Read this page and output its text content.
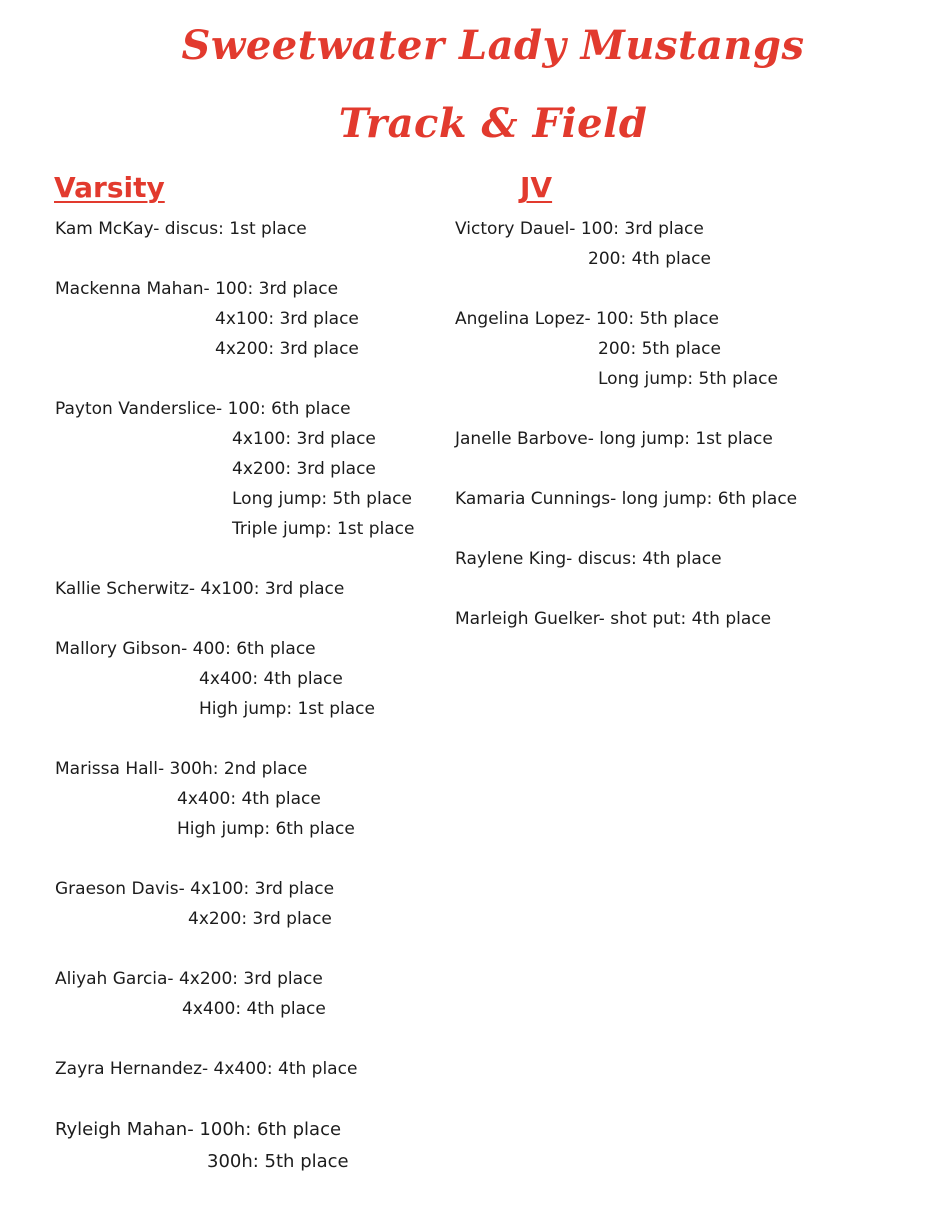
Sweetwater Lady Mustangs
Track & Field
Varsity	JV
Kam McKay- discus: 1st place
Mackenna Mahan- 100: 3rd place
4x100: 3rd place
4x200: 3rd place
Payton Vanderslice- 100: 6th place
4x100: 3rd place
4x200: 3rd place
Long jump: 5th place
Triple jump: 1st place
Kallie Scherwitz- 4x100: 3rd place
Mallory Gibson- 400: 6th place
4x400: 4th place
High jump: 1st place
Marissa Hall- 300h: 2nd place
4x400: 4th place
High jump: 6th place
Graeson Davis- 4x100: 3rd place
4x200: 3rd place
Aliyah Garcia- 4x200: 3rd place
4x400: 4th place
Zayra Hernandez- 4x400: 4th place
Ryleigh Mahan- 100h: 6th place
300h: 5th place
Victory Dauel- 100: 3rd place
200: 4th place
Angelina Lopez- 100: 5th place
200: 5th place
Long jump: 5th place
Janelle Barbove- long jump: 1st place
Kamaria Cunnings- long jump: 6th place
Raylene King- discus: 4th place
Marleigh Guelker- shot put: 4th place
